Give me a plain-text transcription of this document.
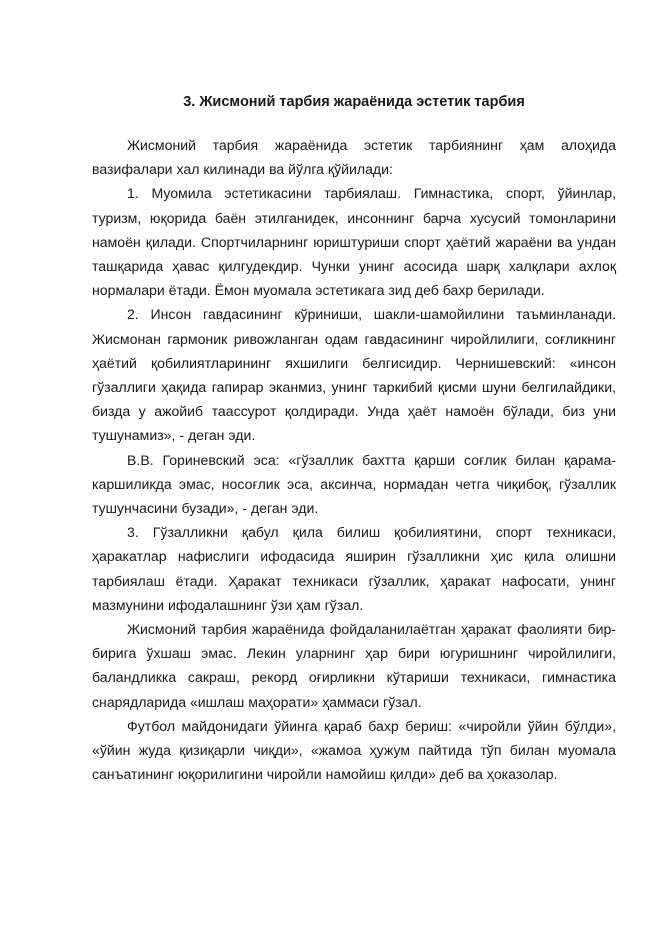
3. Жисмоний тарбия жараёнида эстетик тарбия

Жисмоний тарбия жараёнида эстетик тарбиянинг ҳам алоҳида вазифалари хал килинади ва йўлга қўйилади:

1. Муомила эстетикасини тарбиялаш. Гимнастика, спорт, ўйинлар, туризм, юқорида баён этилганидек, инсоннинг барча хусусий томонларини намоён қилади. Спортчиларнинг юриштуриши спорт ҳаётий жараёни ва ундан ташқарида ҳавас қилгудекдир. Чунки унинг асосида шарқ халқлари ахлоқ нормалари ётади. Ёмон муомала эстетикага зид деб бахр берилади.

2. Инсон гавдасининг кўриниши, шакли-шамойилини таъминланади. Жисмонан гармоник ривожланган одам гавдасининг чиройлилиги, соғликнинг ҳаётий қобилиятларининг яхшилиги белгисидир. Чернишевский: «инсон гўзаллиги ҳақида гапирар эканмиз, унинг таркибий қисми шуни белгилайдики, бизда у ажойиб таассурот қолдиради. Унда ҳаёт намоён бўлади, биз уни тушунамиз», - деган эди.

В.В. Гориневский эса: «гўзаллик бахтта қарши соғлик билан қарама-каршиликда эмас, носоғлик эса, аксинча, нормадан четга чиқибоқ, гўзаллик тушунчасини бузади», - деган эди.

3. Гўзалликни қабул қила билиш қобилиятини, спорт техникаси, ҳаракатлар нафислиги ифодасида яширин гўзалликни ҳис қила олишни тарбиялаш ётади. Ҳаракат техникаси гўзаллик, ҳаракат нафосати, унинг мазмунини ифодалашнинг ўзи ҳам гўзал.

Жисмоний тарбия жараёнида фойдаланилаётган ҳаракат фаолияти бир-бирига ўхшаш эмас. Лекин уларнинг ҳар бири югуришнинг чиройлилиги, баландликка сакраш, рекорд оғирликни кўтариши техникаси, гимнастика снарядларида «ишлаш маҳорати» ҳаммаси гўзал.

Футбол майдонидаги ўйинга қараб бахр бериш: «чиройли ўйин бўлди», «ўйин жуда қизиқарли чиқди», «жамоа ҳужум пайтида тўп билан муомала санъатининг юқорилигини чиройли намойиш қилди» деб ва ҳоказолар.
